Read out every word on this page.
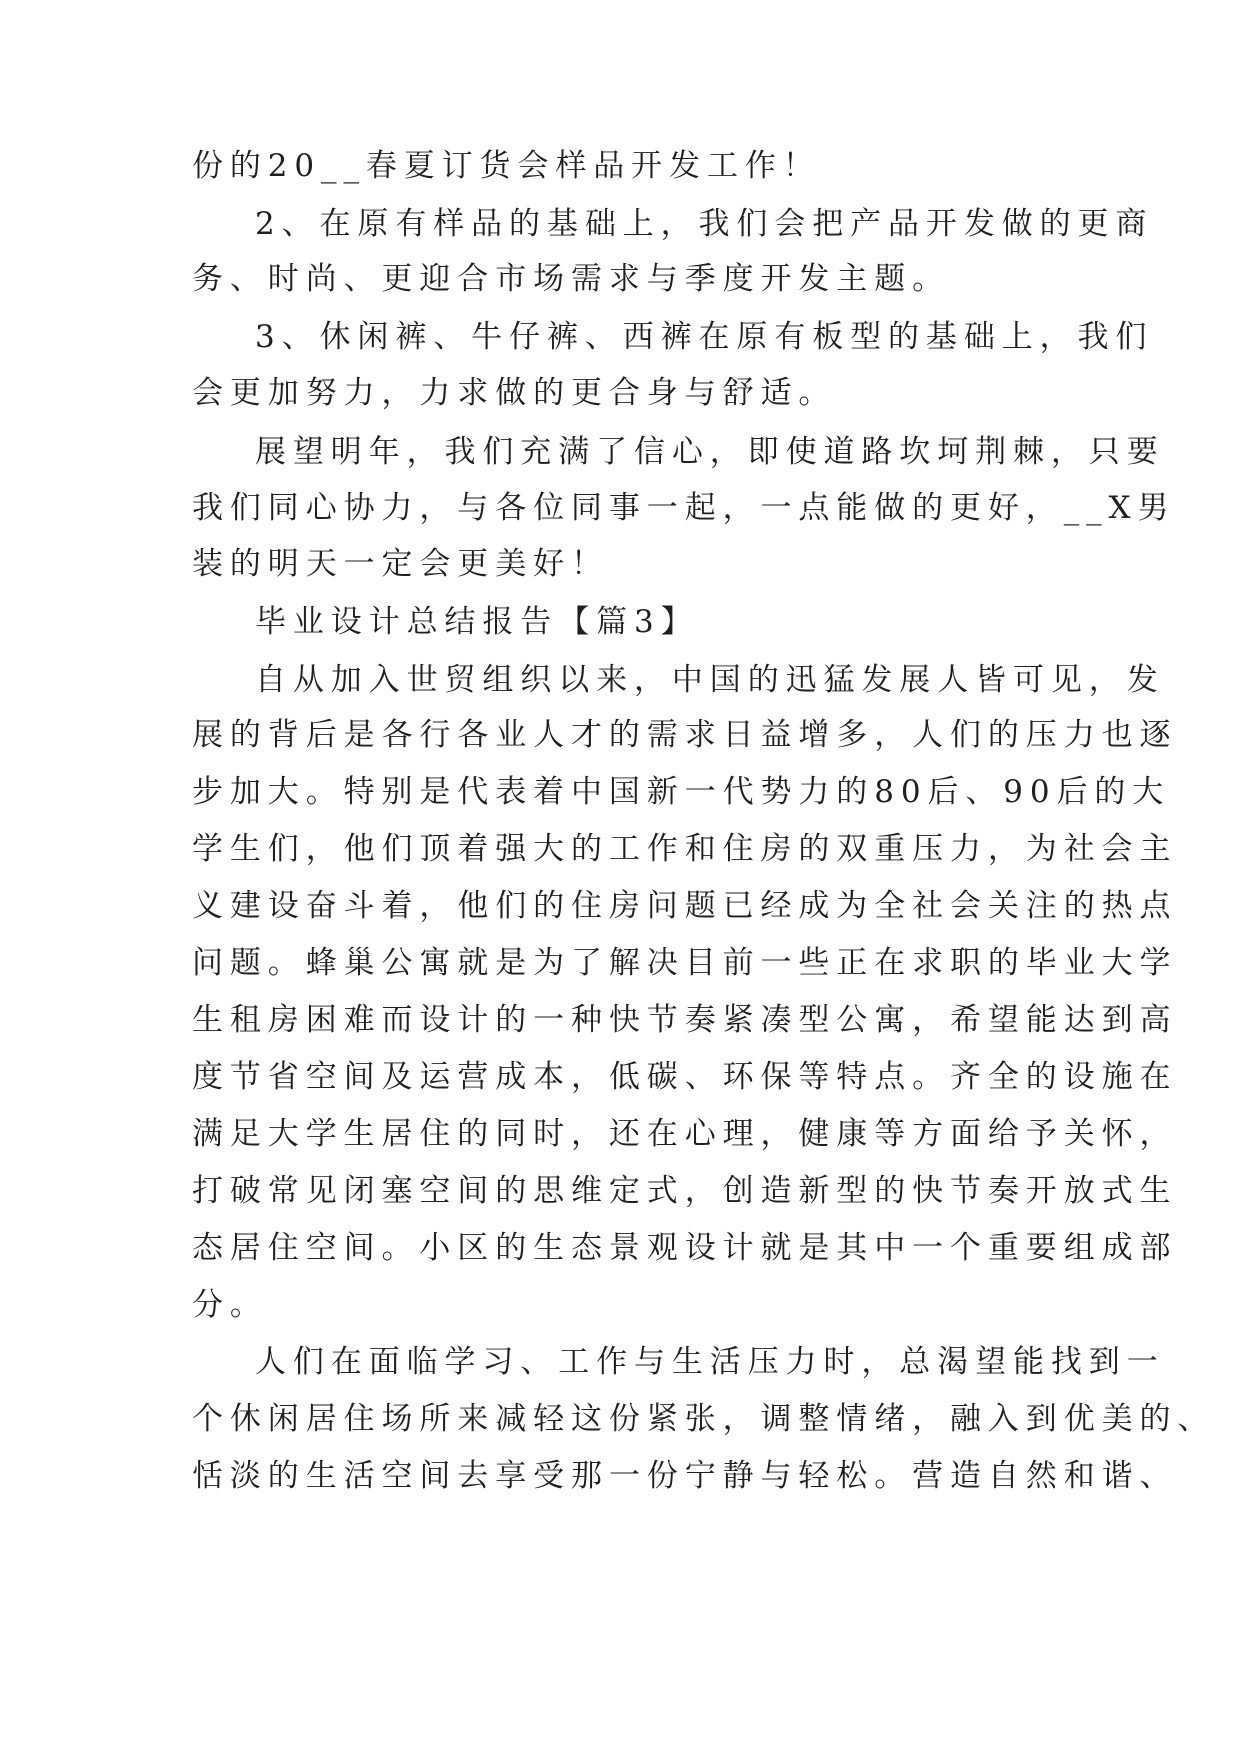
份的20__春夏订货会样品开发工作！
2、在原有样品的基础上，我们会把产品开发做的更商
务、时尚、更迎合市场需求与季度开发主题。
3、休闲裤、牛仔裤、西裤在原有板型的基础上，我们
会更加努力，力求做的更合身与舒适。
展望明年，我们充满了信心，即使道路坎坷荆棘，只要
我们同心协力，与各位同事一起，一点能做的更好，__X男
装的明天一定会更美好！
毕业设计总结报告【篇3】
自从加入世贸组织以来，中国的迅猛发展人皆可见，发
展的背后是各行各业人才的需求日益增多，人们的压力也逐
步加大。特别是代表着中国新一代势力的80后、90后的大
学生们，他们顶着强大的工作和住房的双重压力，为社会主
义建设奋斗着，他们的住房问题已经成为全社会关注的热点
问题。蜂巢公寓就是为了解决目前一些正在求职的毕业大学
生租房困难而设计的一种快节奏紧凑型公寓，希望能达到高
度节省空间及运营成本，低碳、环保等特点。齐全的设施在
满足大学生居住的同时，还在心理，健康等方面给予关怀，
打破常见闭塞空间的思维定式，创造新型的快节奏开放式生
态居住空间。小区的生态景观设计就是其中一个重要组成部
分。
人们在面临学习、工作与生活压力时，总渴望能找到一
个休闲居住场所来减轻这份紧张，调整情绪，融入到优美的、
恬淡的生活空间去享受那一份宁静与轻松。营造自然和谐、
